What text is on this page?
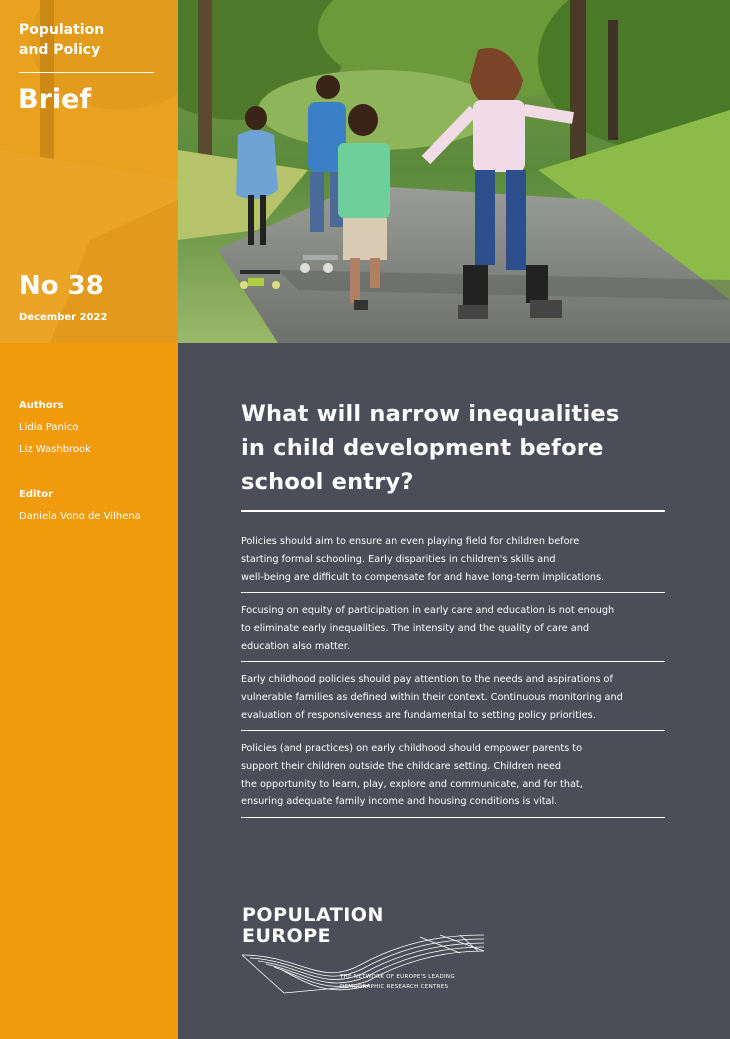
Population
and Policy
Brief
No 38
December 2022
Authors
Lidia Panico
Liz Washbrook
Editor
Daniela Vono de Vilhena
What will narrow inequalities
in child development before
school entry?
Policies should aim to ensure an even playing field for children before
starting formal schooling. Early disparities in children's skills and
well-being are difficult to compensate for and have long-term implications.
Focusing on equity of participation in early care and education is not enough
to eliminate early inequalities. The intensity and the quality of care and
education also matter.
Early childhood policies should pay attention to the needs and aspirations of
vulnerable families as defined within their context. Continuous monitoring and
evaluation of responsiveness are fundamental to setting policy priorities.
Policies (and practices) on early childhood should empower parents to
support their children outside the childcare setting. Children need
the opportunity to learn, play, explore and communicate, and for that,
ensuring adequate family income and housing conditions is vital.
POPULATION
EUROPE
THE NETWORK OF EUROPE'S LEADING
DEMOGRAPHIC RESEARCH CENTRES
